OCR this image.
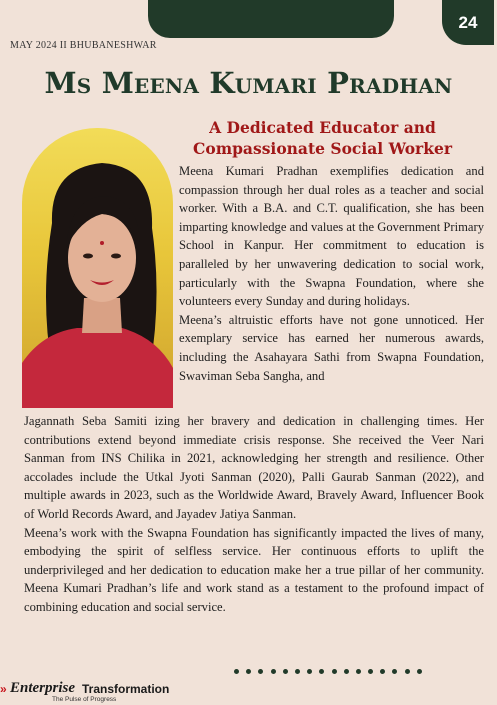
24
MAY 2024 II BHUBANESHWAR
Ms Meena Kumari Pradhan
A Dedicated Educator and Compassionate Social Worker

Meena Kumari Pradhan exemplifies dedication and compassion through her dual roles as a teacher and social worker. With a B.A. and C.T. qualification, she has been imparting knowledge and values at the Government Primary School in Kanpur. Her commitment to education is paralleled by her unwavering dedication to social work, particularly with the Swapna Foundation, where she volunteers every Sunday and during holidays.

Meena’s altruistic efforts have not gone unnoticed. Her exemplary service has earned her numerous awards, including the Asahayara Sathi from Swapna Foundation, Swaviman Seba Sangha, and

Jagannath Seba Samiti izing her bravery and dedication in challenging times. Her contributions extend beyond immediate crisis response. She received the Veer Nari Sanman from INS Chilika in 2021, acknowledging her strength and resilience. Other accolades include the Utkal Jyoti Sanman (2020), Palli Gaurab Sanman (2022), and multiple awards in 2023, such as the Worldwide Award, Bravely Award, Influencer Book of World Records Award, and Jayadev Jatiya Sanman.

Meena’s work with the Swapna Foundation has significantly impacted the lives of many, embodying the spirit of selfless service. Her continuous efforts to uplift the underprivileged and her dedication to education make her a true pillar of her community. Meena Kumari Pradhan’s life and work stand as a testament to the profound impact of combining education and social service.

» Enterprise Transformation
The Pulse of Progress
